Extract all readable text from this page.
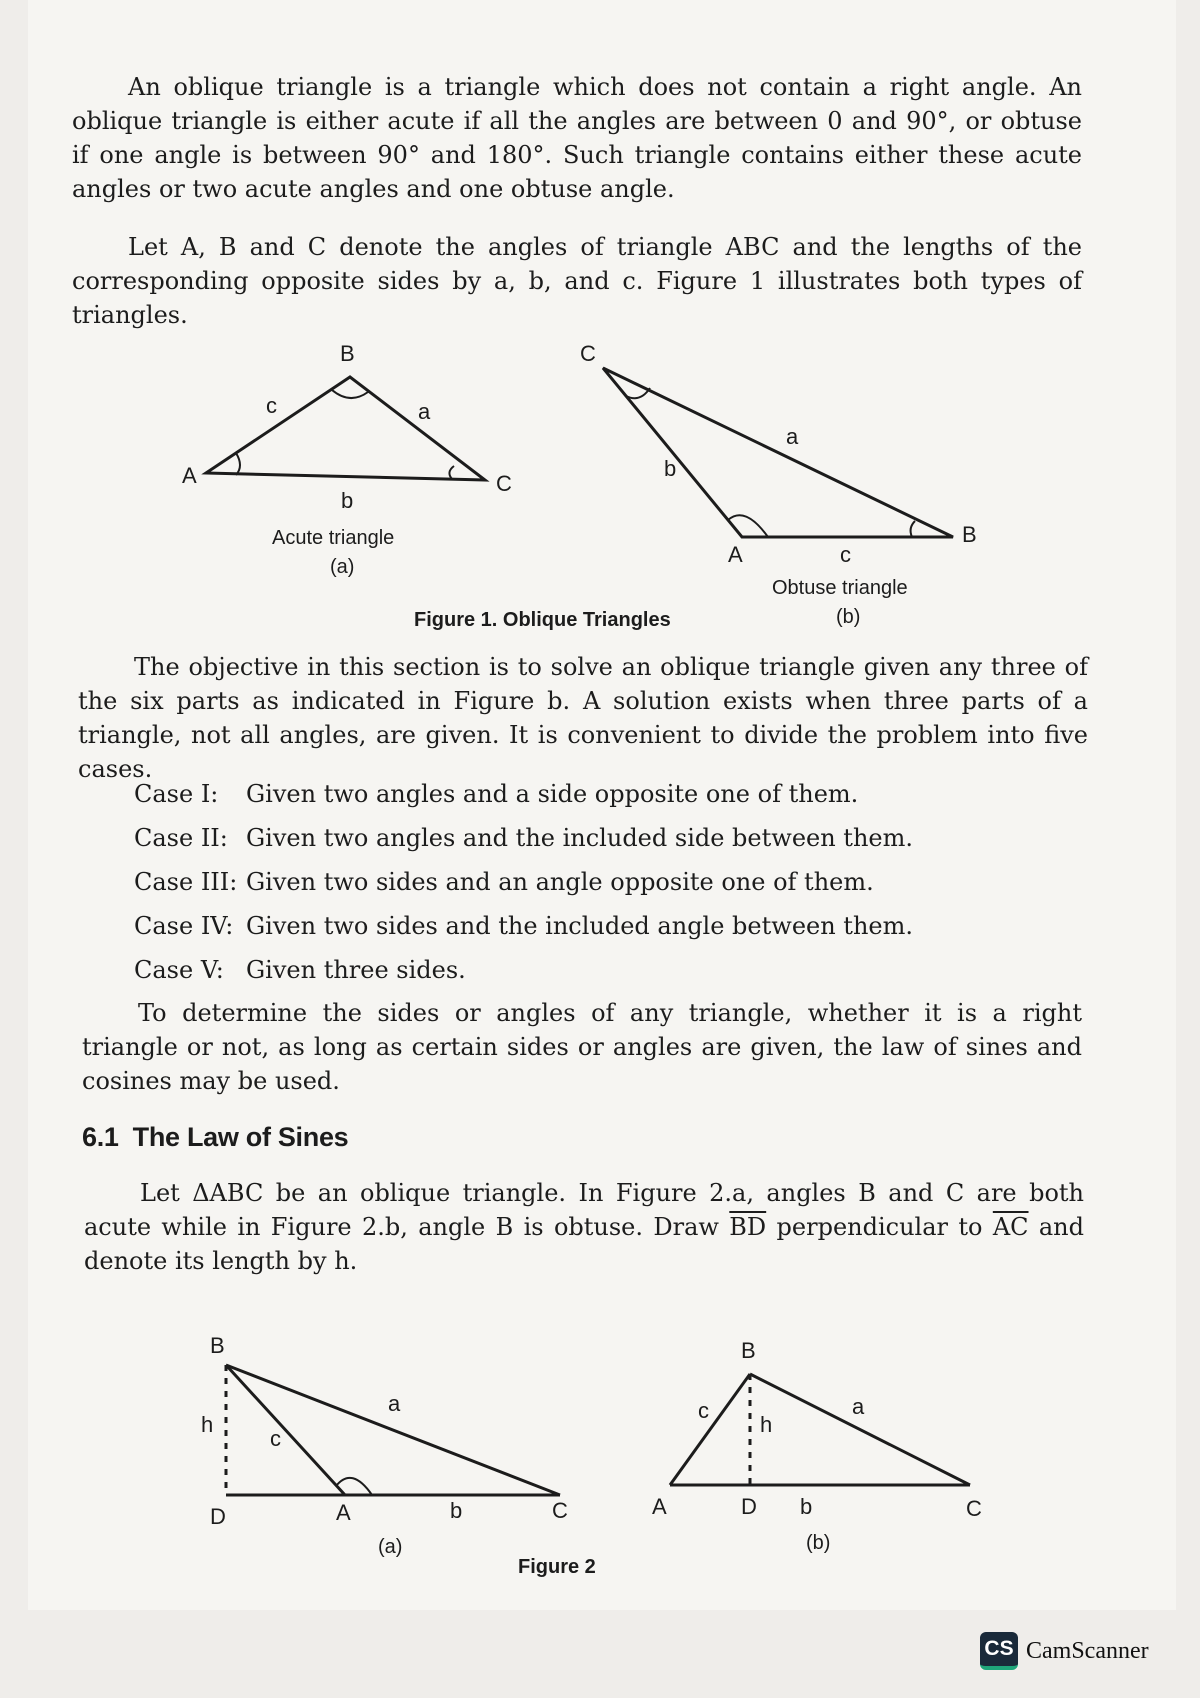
An oblique triangle is a triangle which does not contain a right angle. An oblique triangle is either acute if all the angles are between 0 and 90°, or obtuse if one angle is between 90° and 180°. Such triangle contains either these acute angles or two acute angles and one obtuse angle.

Let A, B and C denote the angles of triangle ABC and the lengths of the corresponding opposite sides by a, b, and c. Figure 1 illustrates both types of triangles.

B
c	a
A	C
b
Acute triangle
(a)
C
a
b
B
A	c
Obtuse triangle
(b)
Figure 1. Oblique Triangles

The objective in this section is to solve an oblique triangle given any three of the six parts as indicated in Figure b. A solution exists when three parts of a triangle, not all angles, are given. It is convenient to divide the problem into five cases.

Case I: Given two angles and a side opposite one of them.
Case II: Given two angles and the included side between them.
Case III: Given two sides and an angle opposite one of them.
Case IV: Given two sides and the included angle between them.
Case V: Given three sides.

To determine the sides or angles of any triangle, whether it is a right triangle or not, as long as certain sides or angles are given, the law of sines and cosines may be used.

6.1 The Law of Sines

Let ΔABC be an oblique triangle. In Figure 2.a, angles B and C are both acute while in Figure 2.b, angle B is obtuse. Draw $\overline{BD}$ perpendicular to $\overline{AC}$ and denote its length by h.

B
a
h
c
D	A	b	C
(a)
B
c	a
h
A	D b	C
(b)
Figure 2
CS CamScanner
